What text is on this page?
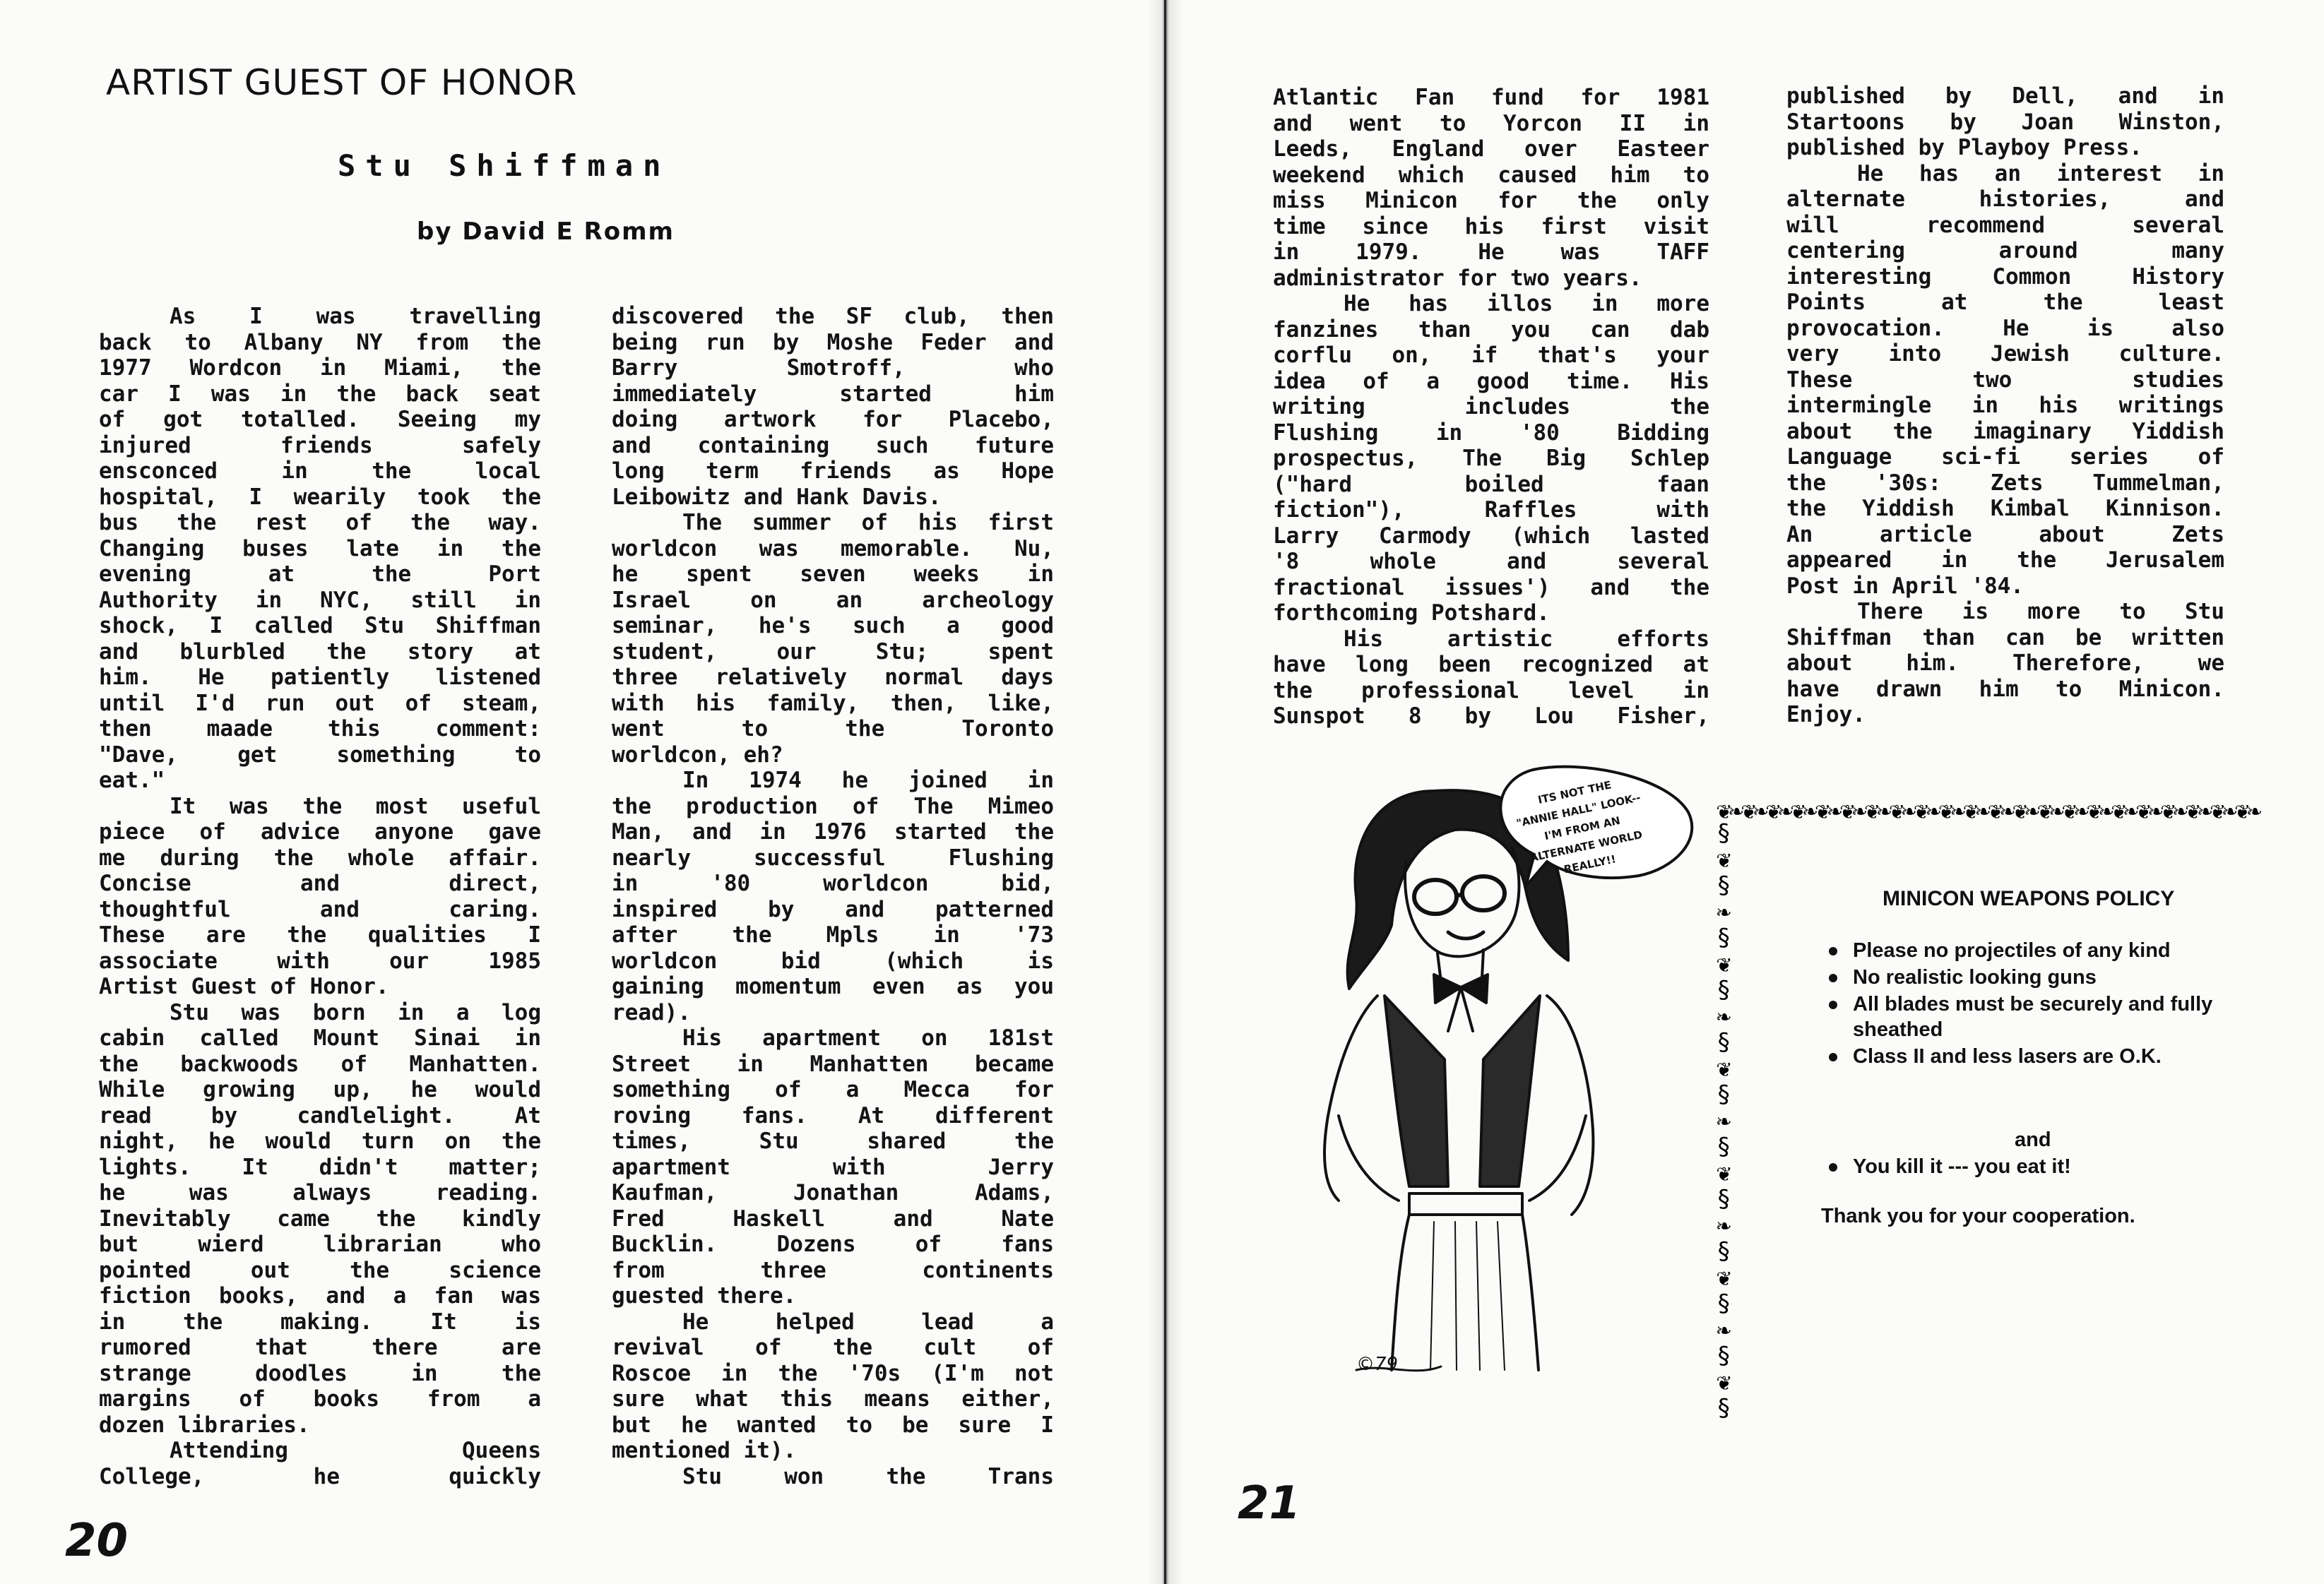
ARTIST GUEST OF HONOR
Stu Shiffman
by David E Romm
As I was travelling
back to Albany NY from the
1977 Wordcon in Miami, the
car I was in the back seat
of got totalled. Seeing my
injured friends safely
ensconced in the local
hospital, I wearily took the
bus the rest of the way.
Changing buses late in the
evening at the Port
Authority in NYC, still in
shock, I called Stu Shiffman
and blurbled the story at
him. He patiently listened
until I'd run out of steam,
then maade this comment:
"Dave, get something to
eat."
It was the most useful
piece of advice anyone gave
me during the whole affair.
Concise and direct,
thoughtful and caring.
These are the qualities I
associate with our 1985
Artist Guest of Honor.
Stu was born in a log
cabin called Mount Sinai in
the backwoods of Manhatten.
While growing up, he would
read by candlelight. At
night, he would turn on the
lights. It didn't matter;
he was always reading.
Inevitably came the kindly
but wierd librarian who
pointed out the science
fiction books, and a fan was
in the making. It is
rumored that there are
strange doodles in the
margins of books from a
dozen libraries.
Attending Queens
College, he quickly
discovered the SF club, then
being run by Moshe Feder and
Barry Smotroff, who
immediately started him
doing artwork for Placebo,
and containing such future
long term friends as Hope
Leibowitz and Hank Davis.
The summer of his first
worldcon was memorable. Nu,
he spent seven weeks in
Israel on an archeology
seminar, he's such a good
student, our Stu; spent
three relatively normal days
with his family, then, like,
went to the Toronto
worldcon, eh?
In 1974 he joined in
the production of The Mimeo
Man, and in 1976 started the
nearly successful Flushing
in '80 worldcon bid,
inspired by and patterned
after the Mpls in '73
worldcon bid (which is
gaining momentum even as you
read).
His apartment on 181st
Street in Manhatten became
something of a Mecca for
roving fans. At different
times, Stu shared the
apartment with Jerry
Kaufman, Jonathan Adams,
Fred Haskell and Nate
Bucklin. Dozens of fans
from three continents
guested there.
He helped lead a
revival of the cult of
Roscoe in the '70s (I'm not
sure what this means either,
but he wanted to be sure I
mentioned it).
Stu won the Trans
20
21
Atlantic Fan fund for 1981
and went to Yorcon II in
Leeds, England over Easteer
weekend which caused him to
miss Minicon for the only
time since his first visit
in 1979. He was TAFF
administrator for two years.
He has illos in more
fanzines than you can dab
corflu on, if that's your
idea of a good time. His
writing includes the
Flushing in '80 Bidding
prospectus, The Big Schlep
("hard boiled faan
fiction"), Raffles with
Larry Carmody (which lasted
'8 whole and several
fractional issues') and the
forthcoming Potshard.
His artistic efforts
have long been recognized at
the professional level in
Sunspot 8 by Lou Fisher,
published by Dell, and in
Startoons by Joan Winston,
published by Playboy Press.
He has an interest in
alternate histories, and
will recommend several
centering around many
interesting Common History
Points at the least
provocation. He is also
very into Jewish culture.
These two studies
intermingle in his writings
about the imaginary Yiddish
Language sci-fi series of
the '30s: Zets Tummelman,
the Yiddish Kimbal Kinnison.
An article about Zets
appeared in the Jerusalem
Post in April '84.
There is more to Stu
Shiffman than can be written
about him. Therefore, we
have drawn him to Minicon.
Enjoy.
©79
ITS NOT THE
"ANNIE HALL" LOOK--
I'M FROM AN
ALTERNATE WORLD
REALLY!!
❦❧❦❧❦❧❦❧❦❧❦❧❦❧❦❧❦❧❦❧❦❧❦❧❦❧❦❧❦❧❦❧❦❧❦❧❦❧❦❧❦❧❦❧
§
❦
§
❧
§
❦
§
❧
§
❦
§
❧
§
❦
§
❧
§
❦
§
❧
§
❦
§
MINICON WEAPONS POLICY
Please no projectiles of any kind
No realistic looking guns
All blades must be securely and fully sheathed
Class II and less lasers are O.K.
and
You kill it --- you eat it!
Thank you for your cooperation.
